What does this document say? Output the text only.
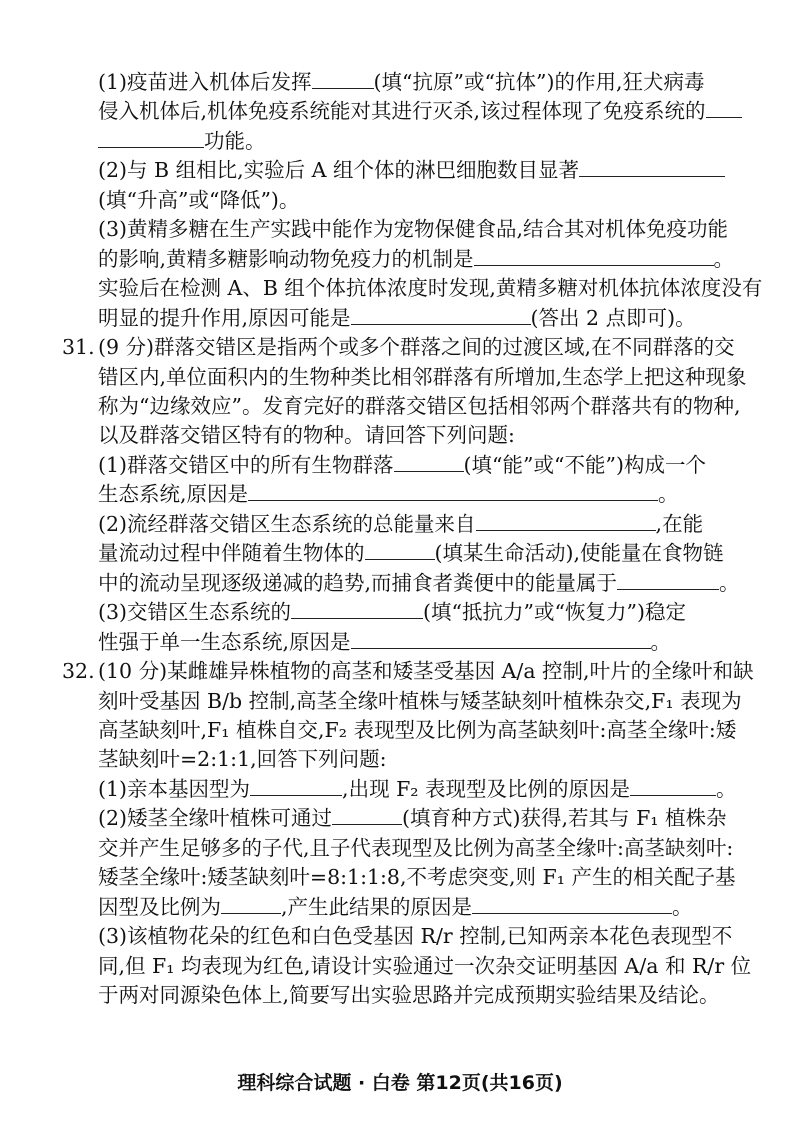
(1)疫苗进入机体后发挥	(填“抗原”或“抗体”)的作用,狂犬病毒
侵入机体后,机体免疫系统能对其进行灭杀,该过程体现了免疫系统的
功能。
(2)与 B 组相比,实验后 A 组个体的淋巴细胞数目显著
(填“升高”或“降低”)。
(3)黄精多糖在生产实践中能作为宠物保健食品,结合其对机体免疫功能
的影响,黄精多糖影响动物免疫力的机制是	。
实验后在检测 A、B 组个体抗体浓度时发现,黄精多糖对机体抗体浓度没有
明显的提升作用,原因可能是	(答出 2 点即可)。
31. (9 分)群落交错区是指两个或多个群落之间的过渡区域,在不同群落的交
错区内,单位面积内的生物种类比相邻群落有所增加,生态学上把这种现象
称为“边缘效应”。发育完好的群落交错区包括相邻两个群落共有的物种,
以及群落交错区特有的物种。请回答下列问题:
(1)群落交错区中的所有生物群落	(填“能”或“不能”)构成一个
生态系统,原因是	。
(2)流经群落交错区生态系统的总能量来自	,在能
量流动过程中伴随着生物体的	(填某生命活动),使能量在食物链
中的流动呈现逐级递减的趋势,而捕食者粪便中的能量属于	。
(3)交错区生态系统的	(填“抵抗力”或“恢复力”)稳定
性强于单一生态系统,原因是	。
32. (10 分)某雌雄异株植物的高茎和矮茎受基因 A/a 控制,叶片的全缘叶和缺
刻叶受基因 B/b 控制,高茎全缘叶植株与矮茎缺刻叶植株杂交,F₁ 表现为
高茎缺刻叶,F₁ 植株自交,F₂ 表现型及比例为高茎缺刻叶:高茎全缘叶:矮
茎缺刻叶=2:1:1,回答下列问题:
(1)亲本基因型为	,出现 F₂ 表现型及比例的原因是	。
(2)矮茎全缘叶植株可通过	(填育种方式)获得,若其与 F₁ 植株杂
交并产生足够多的子代,且子代表现型及比例为高茎全缘叶:高茎缺刻叶:
矮茎全缘叶:矮茎缺刻叶=8:1:1:8,不考虑突变,则 F₁ 产生的相关配子基
因型及比例为	,产生此结果的原因是	。
(3)该植物花朵的红色和白色受基因 R/r 控制,已知两亲本花色表现型不
理科综合试题 · 白卷 第12页(共16页)
同,但 F₁ 均表现为红色,请设计实验通过一次杂交证明基因 A/a 和 R/r 位
于两对同源染色体上,简要写出实验思路并完成预期实验结果及结论。
